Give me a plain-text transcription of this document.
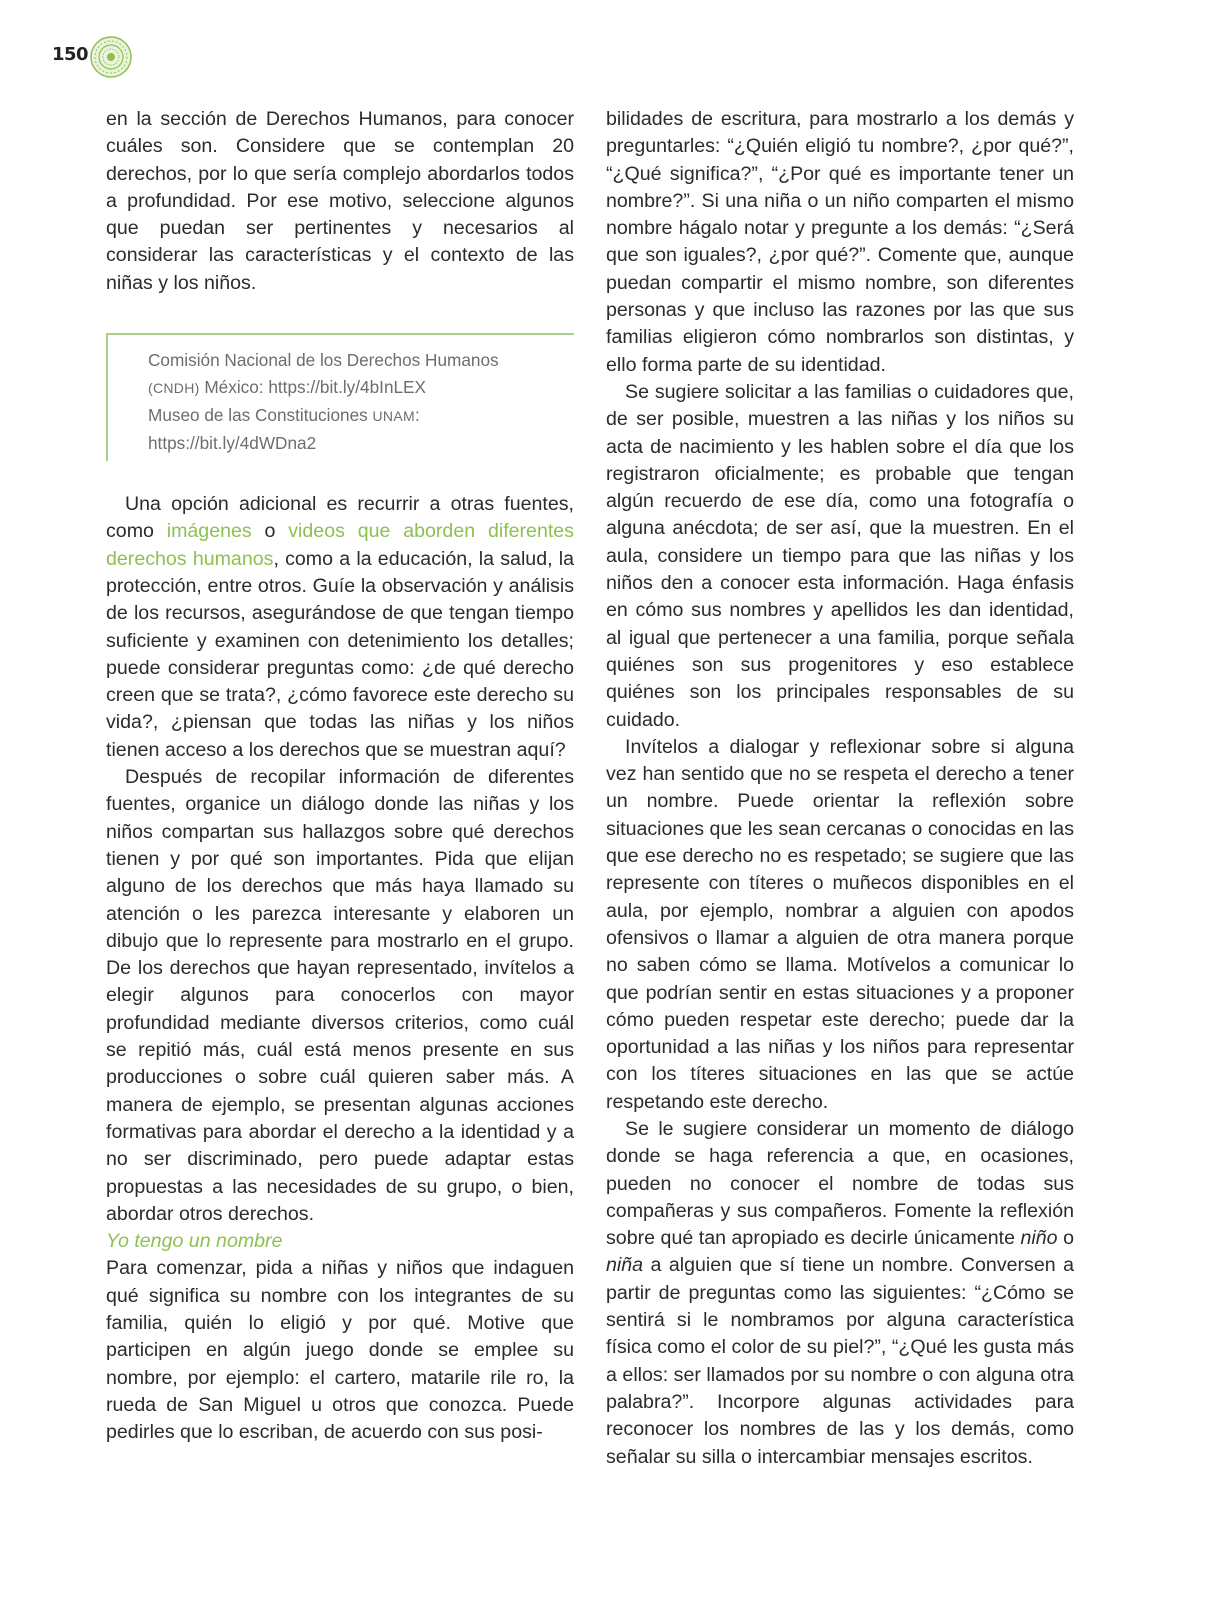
150

en la sección de Derechos Humanos, para conocer cuáles son. Considere que se contemplan 20 derechos, por lo que sería complejo abordarlos todos a profundidad. Por ese motivo, seleccione algunos que puedan ser pertinentes y necesarios al considerar las características y el contexto de las niñas y los niños.

Comisión Nacional de los Derechos Humanos
(CNDH) México: https://bit.ly/4bInLEX
Museo de las Constituciones UNAM:
https://bit.ly/4dWDna2

Una opción adicional es recurrir a otras fuentes, como imágenes o videos que aborden diferentes derechos humanos, como a la educación, la salud, la protección, entre otros. Guíe la observación y análisis de los recursos, asegurándose de que tengan tiempo suficiente y examinen con detenimiento los detalles; puede considerar preguntas como: ¿de qué derecho creen que se trata?, ¿cómo favorece este derecho su vida?, ¿piensan que todas las niñas y los niños tienen acceso a los derechos que se muestran aquí?

Después de recopilar información de diferentes fuentes, organice un diálogo donde las niñas y los niños compartan sus hallazgos sobre qué derechos tienen y por qué son importantes. Pida que elijan alguno de los derechos que más haya llamado su atención o les parezca interesante y elaboren un dibujo que lo represente para mostrarlo en el grupo. De los derechos que hayan representado, invítelos a elegir algunos para conocerlos con mayor profundidad mediante diversos criterios, como cuál se repitió más, cuál está menos presente en sus producciones o sobre cuál quieren saber más. A manera de ejemplo, se presentan algunas acciones formativas para abordar el derecho a la identidad y a no ser discriminado, pero puede adaptar estas propuestas a las necesidades de su grupo, o bien, abordar otros derechos.

Yo tengo un nombre

Para comenzar, pida a niñas y niños que indaguen qué significa su nombre con los integrantes de su familia, quién lo eligió y por qué. Motive que participen en algún juego donde se emplee su nombre, por ejemplo: el cartero, matarile rile ro, la rueda de San Miguel u otros que conozca. Puede pedirles que lo escriban, de acuerdo con sus posi-

bilidades de escritura, para mostrarlo a los demás y preguntarles: “¿Quién eligió tu nombre?, ¿por qué?”, “¿Qué significa?”, “¿Por qué es importante tener un nombre?”. Si una niña o un niño comparten el mismo nombre hágalo notar y pregunte a los demás: “¿Será que son iguales?, ¿por qué?”. Comente que, aunque puedan compartir el mismo nombre, son diferentes personas y que incluso las razones por las que sus familias eligieron cómo nombrarlos son distintas, y ello forma parte de su identidad.

Se sugiere solicitar a las familias o cuidadores que, de ser posible, muestren a las niñas y los niños su acta de nacimiento y les hablen sobre el día que los registraron oficialmente; es probable que tengan algún recuerdo de ese día, como una fotografía o alguna anécdota; de ser así, que la muestren. En el aula, considere un tiempo para que las niñas y los niños den a conocer esta información. Haga énfasis en cómo sus nombres y apellidos les dan identidad, al igual que pertenecer a una familia, porque señala quiénes son sus progenitores y eso establece quiénes son los principales responsables de su cuidado.

Invítelos a dialogar y reflexionar sobre si alguna vez han sentido que no se respeta el derecho a tener un nombre. Puede orientar la reflexión sobre situaciones que les sean cercanas o conocidas en las que ese derecho no es respetado; se sugiere que las represente con títeres o muñecos disponibles en el aula, por ejemplo, nombrar a alguien con apodos ofensivos o llamar a alguien de otra manera porque no saben cómo se llama. Motívelos a comunicar lo que podrían sentir en estas situaciones y a proponer cómo pueden respetar este derecho; puede dar la oportunidad a las niñas y los niños para representar con los títeres situaciones en las que se actúe respetando este derecho.

Se le sugiere considerar un momento de diálogo donde se haga referencia a que, en ocasiones, pueden no conocer el nombre de todas sus compañeras y sus compañeros. Fomente la reflexión sobre qué tan apropiado es decirle únicamente niño o niña a alguien que sí tiene un nombre. Conversen a partir de preguntas como las siguientes: “¿Cómo se sentirá si le nombramos por alguna característica física como el color de su piel?”, “¿Qué les gusta más a ellos: ser llamados por su nombre o con alguna otra palabra?”. Incorpore algunas actividades para reconocer los nombres de las y los demás, como señalar su silla o intercambiar mensajes escritos.
